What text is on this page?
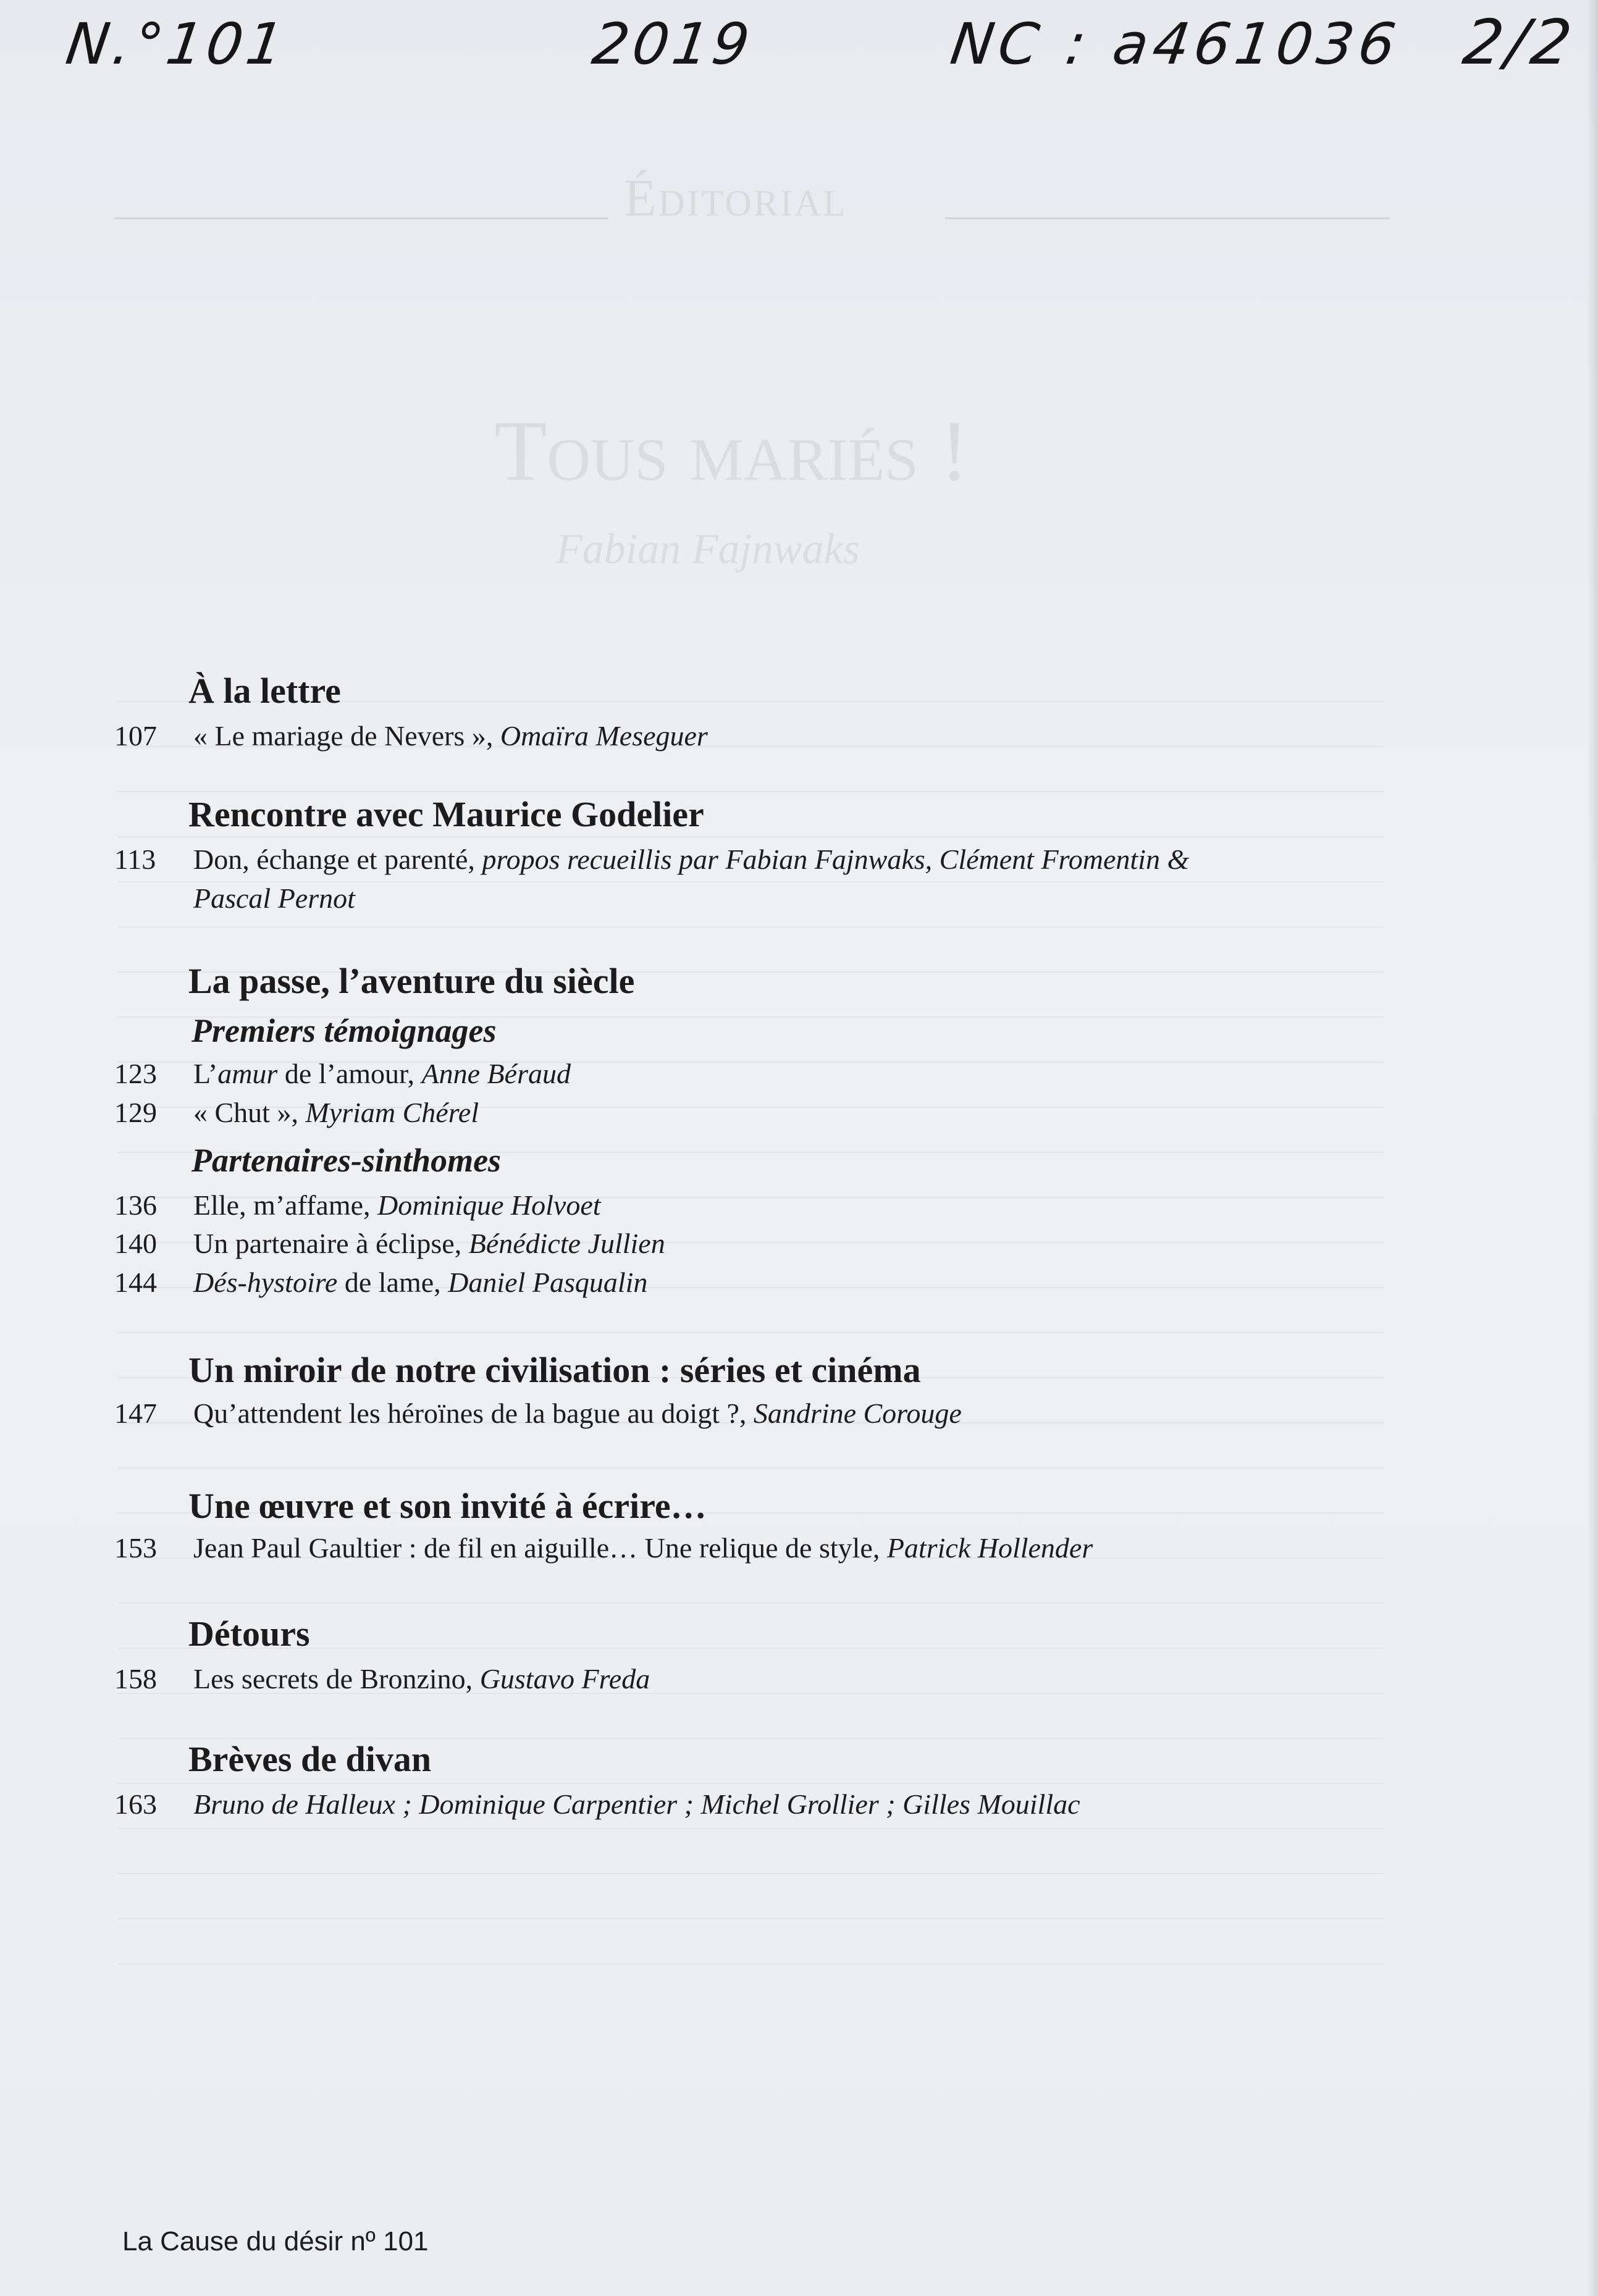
Éditorial
Tous mariés !
Fabian Fajnwaks
N.°101	2019	NC : a461036 2/2
À la lettre
107 « Le mariage de Nevers », Omaïra Meseguer
Rencontre avec Maurice Godelier
113 Don, échange et parenté, propos recueillis par Fabian Fajnwaks, Clément Fromentin &
Pascal Pernot
La passe, l’aventure du siècle
Premiers témoignages
123 L’amur de l’amour, Anne Béraud
129 « Chut », Myriam Chérel
Partenaires-sinthomes
136 Elle, m’affame, Dominique Holvoet
140 Un partenaire à éclipse, Bénédicte Jullien
144 Dés-hystoire de lame, Daniel Pasqualin
Un miroir de notre civilisation : séries et cinéma
147 Qu’attendent les héroïnes de la bague au doigt ?, Sandrine Corouge
Une œuvre et son invité à écrire…
153 Jean Paul Gaultier : de fil en aiguille… Une relique de style, Patrick Hollender
Détours
158 Les secrets de Bronzino, Gustavo Freda
Brèves de divan
163 Bruno de Halleux ; Dominique Carpentier ; Michel Grollier ; Gilles Mouillac
La Cause du désir nº 101
